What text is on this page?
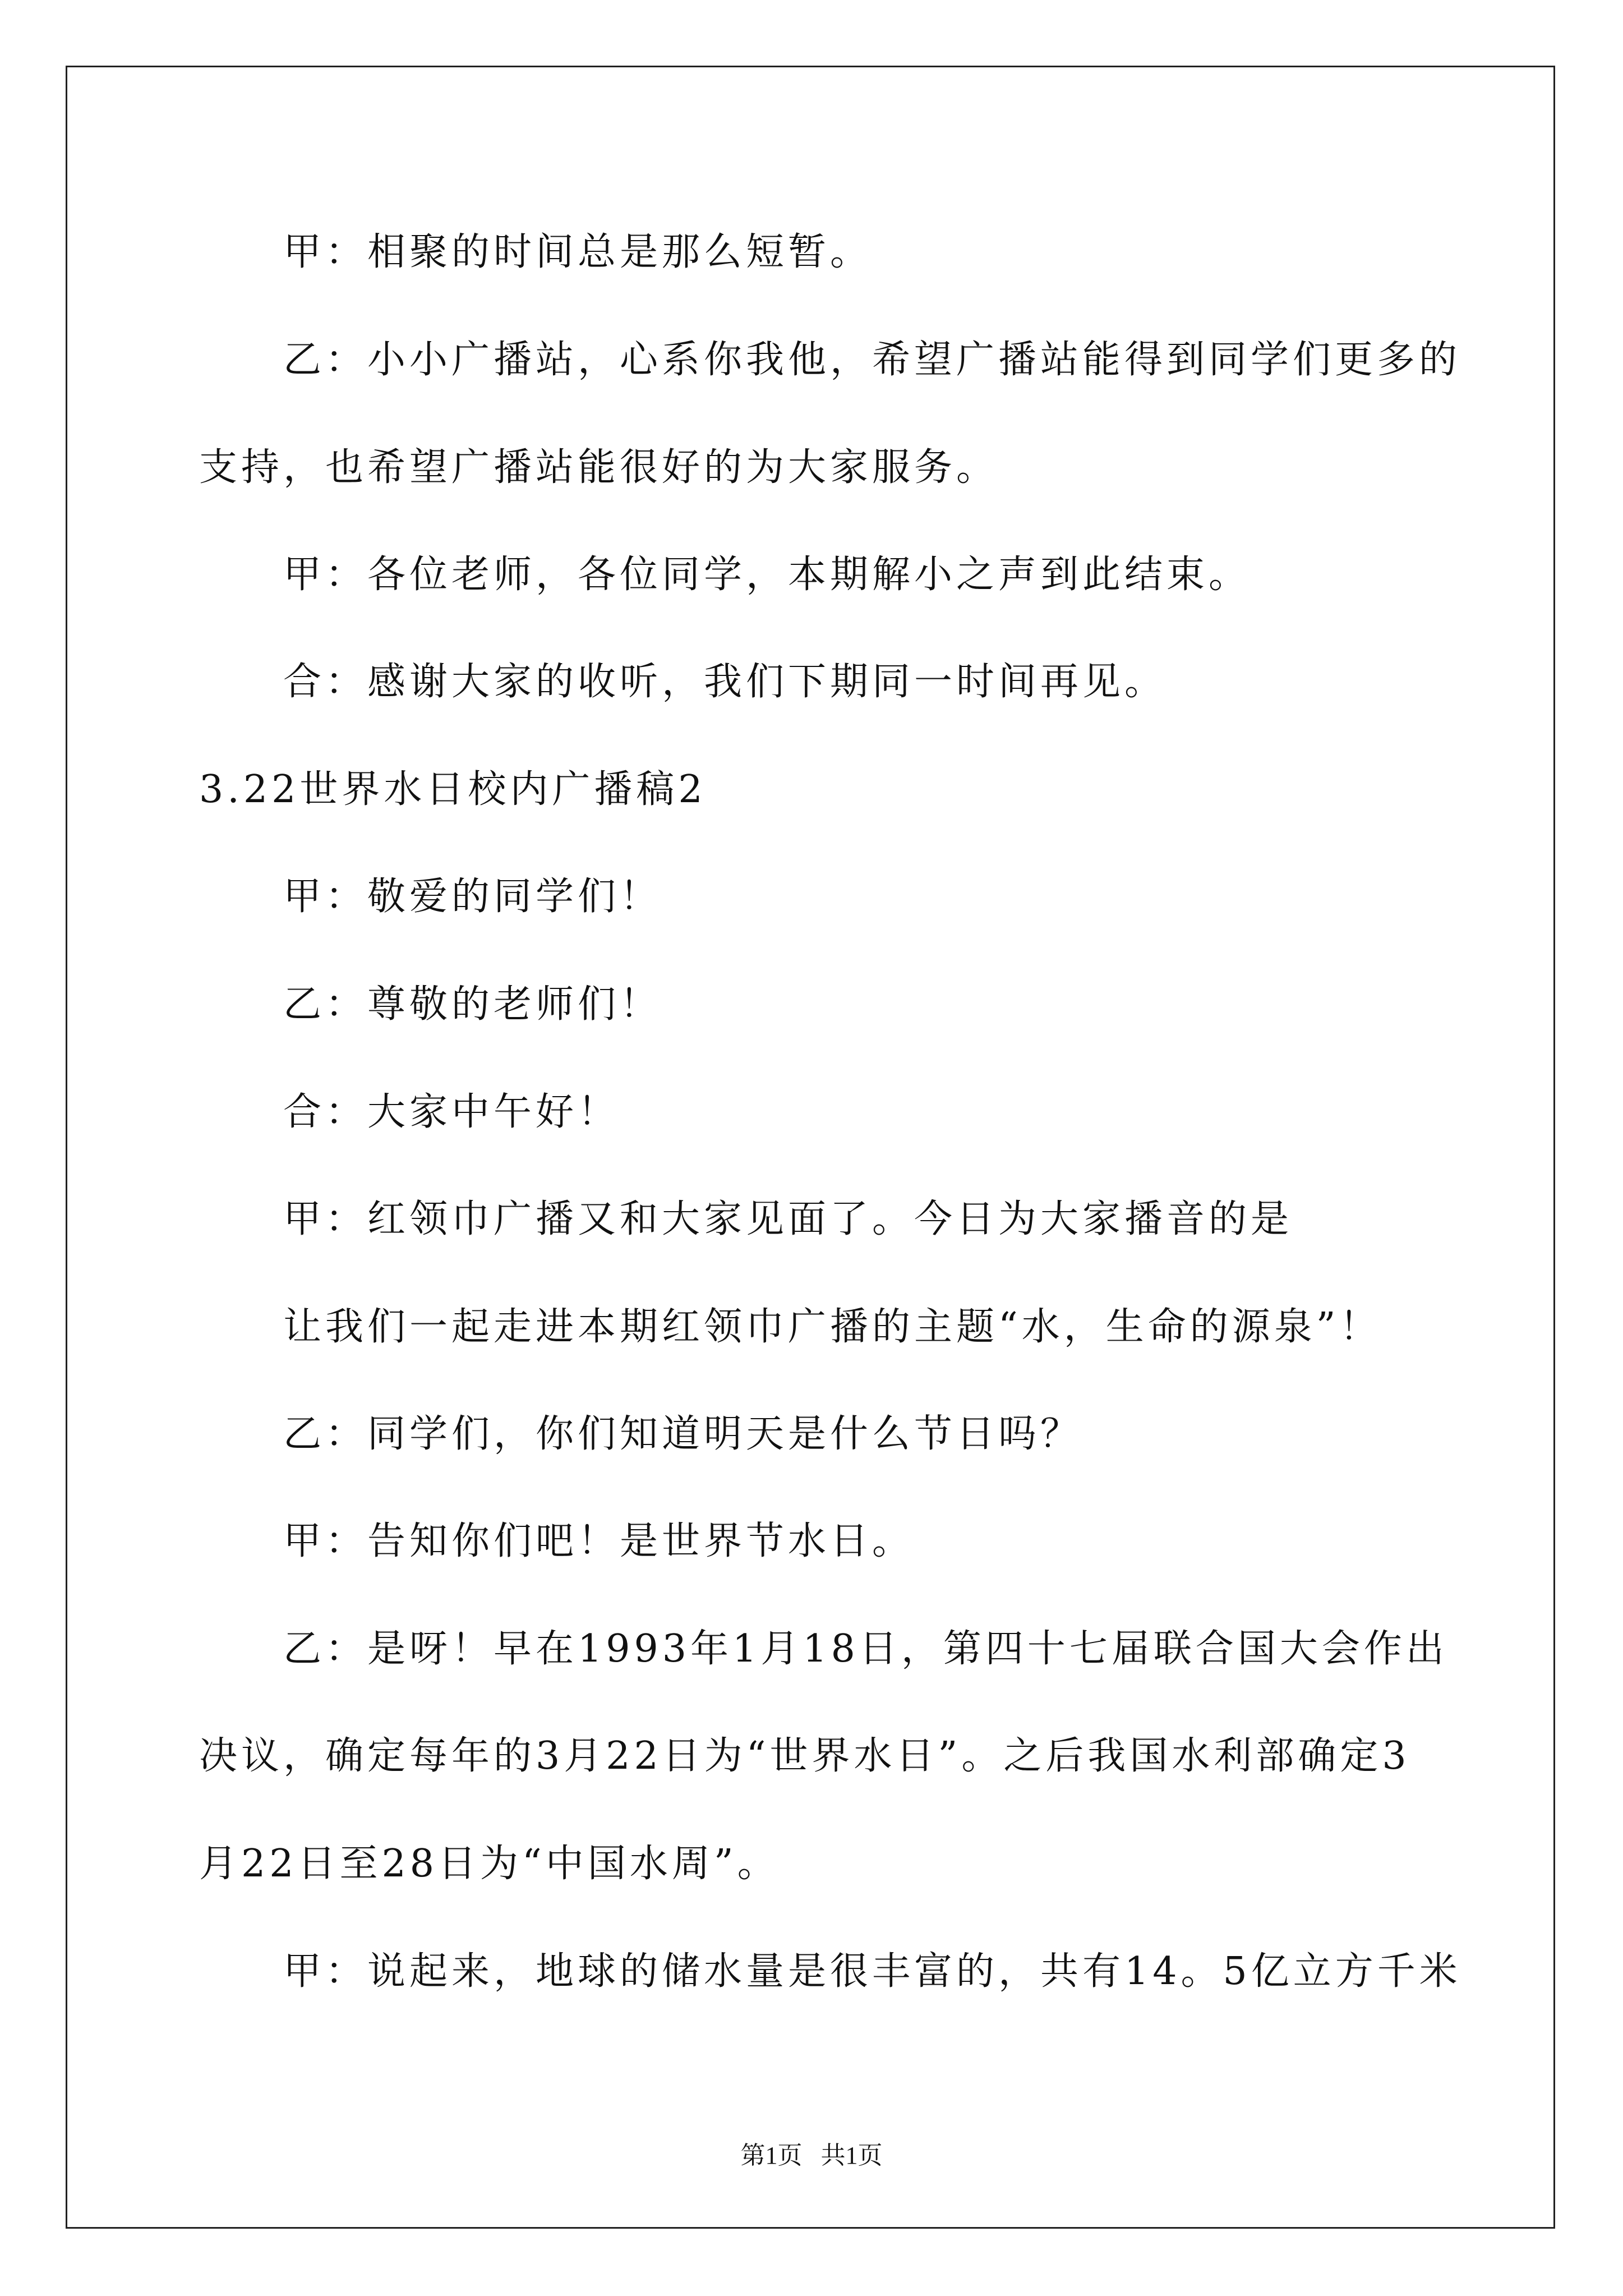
甲：相聚的时间总是那么短暂。
乙：小小广播站，心系你我他，希望广播站能得到同学们更多的
支持，也希望广播站能很好的为大家服务。
甲：各位老师，各位同学，本期解小之声到此结束。
合：感谢大家的收听，我们下期同一时间再见。
3.22世界水日校内广播稿2
甲：敬爱的同学们！
乙：尊敬的老师们！
合：大家中午好！
甲：红领巾广播又和大家见面了。今日为大家播音的是
让我们一起走进本期红领巾广播的主题“水，生命的源泉”！
乙：同学们，你们知道明天是什么节日吗？
甲：告知你们吧！是世界节水日。
乙：是呀！早在1993年1月18日，第四十七届联合国大会作出
决议，确定每年的3月22日为“世界水日”。之后我国水利部确定3
月22日至28日为“中国水周”。
甲：说起来，地球的储水量是很丰富的，共有14。5亿立方千米
第1页   共1页
